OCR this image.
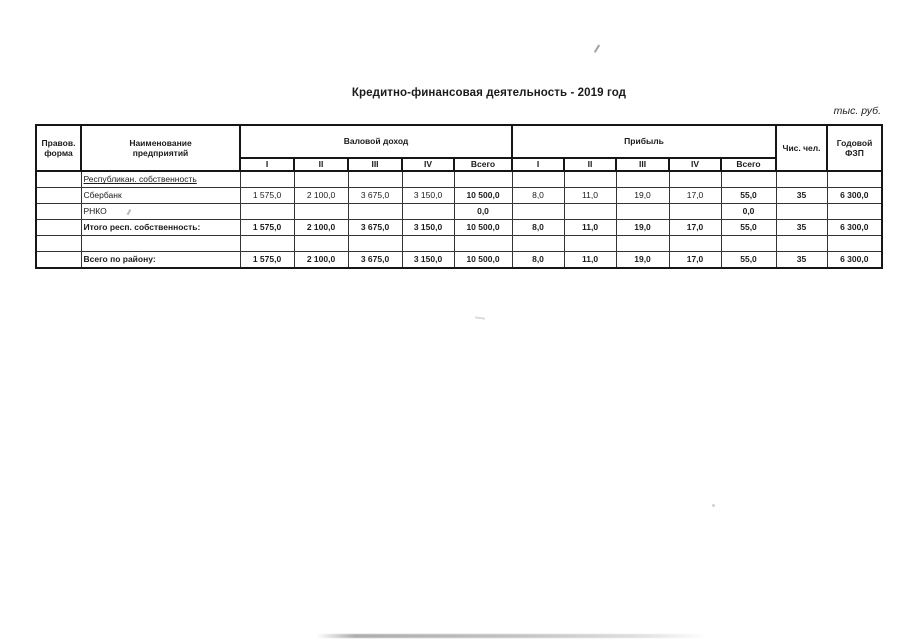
Кредитно-финансовая деятельность - 2019 год
тыс. руб.
Правов. форма	Наименование предприятий	Валовой доход					Прибыль					Чис. чел.	Годовой ФЗП
		I	II	III	IV	Всего	I	II	III	IV	Всего		
	Республикан. собственность												
	Сбербанк	1 575,0	2 100,0	3 675,0	3 150,0	10 500,0	8,0	11,0	19,0	17,0	55,0	35	6 300,0
	РНКО					0,0					0,0		
	Итого респ. собственность:	1 575,0	2 100,0	3 675,0	3 150,0	10 500,0	8,0	11,0	19,0	17,0	55,0	35	6 300,0

	Всего по району:	1 575,0	2 100,0	3 675,0	3 150,0	10 500,0	8,0	11,0	19,0	17,0	55,0	35	6 300,0
